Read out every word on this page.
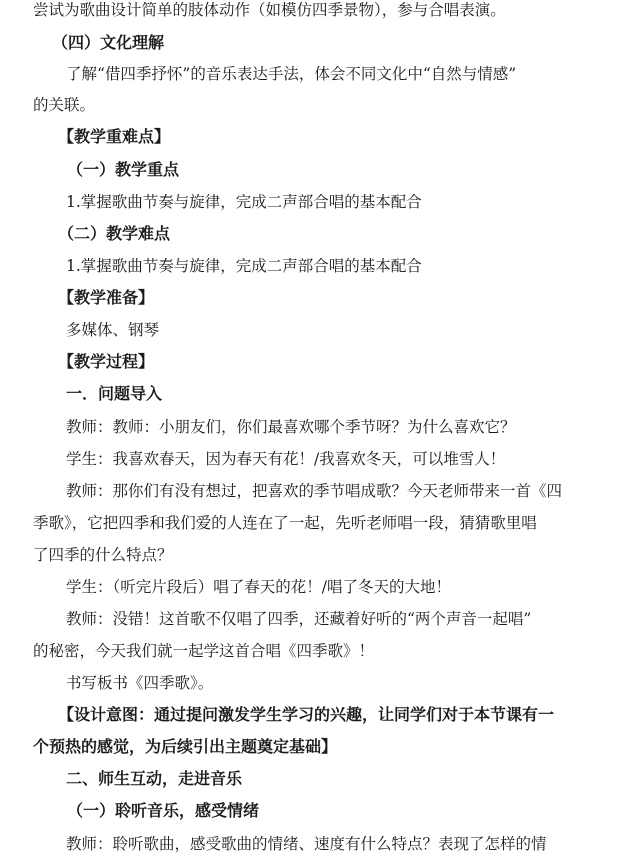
尝试为歌曲设计简单的肢体动作（如模仿四季景物），参与合唱表演。
（四）文化理解
了解“借四季抒怀”的音乐表达手法，体会不同文化中“自然与情感”
的关联。
【教学重难点】
（一）教学重点
1.掌握歌曲节奏与旋律，完成二声部合唱的基本配合
（二）教学难点
1.掌握歌曲节奏与旋律，完成二声部合唱的基本配合
【教学准备】
多媒体、钢琴
【教学过程】
一．问题导入
教师：教师：小朋友们，你们最喜欢哪个季节呀？为什么喜欢它？
学生：我喜欢春天，因为春天有花！/我喜欢冬天，可以堆雪人！
教师：那你们有没有想过，把喜欢的季节唱成歌？今天老师带来一首《四
季歌》，它把四季和我们爱的人连在了一起，先听老师唱一段，猜猜歌里唱
了四季的什么特点？
学生：（听完片段后）唱了春天的花！/唱了冬天的大地！
教师：没错！这首歌不仅唱了四季，还藏着好听的“两个声音一起唱”
的秘密，今天我们就一起学这首合唱《四季歌》！
书写板书《四季歌》。
【设计意图：通过提问激发学生学习的兴趣，让同学们对于本节课有一
个预热的感觉，为后续引出主题奠定基础】
二、师生互动，走进音乐
（一）聆听音乐，感受情绪
教师：聆听歌曲，感受歌曲的情绪、速度有什么特点？表现了怎样的情
